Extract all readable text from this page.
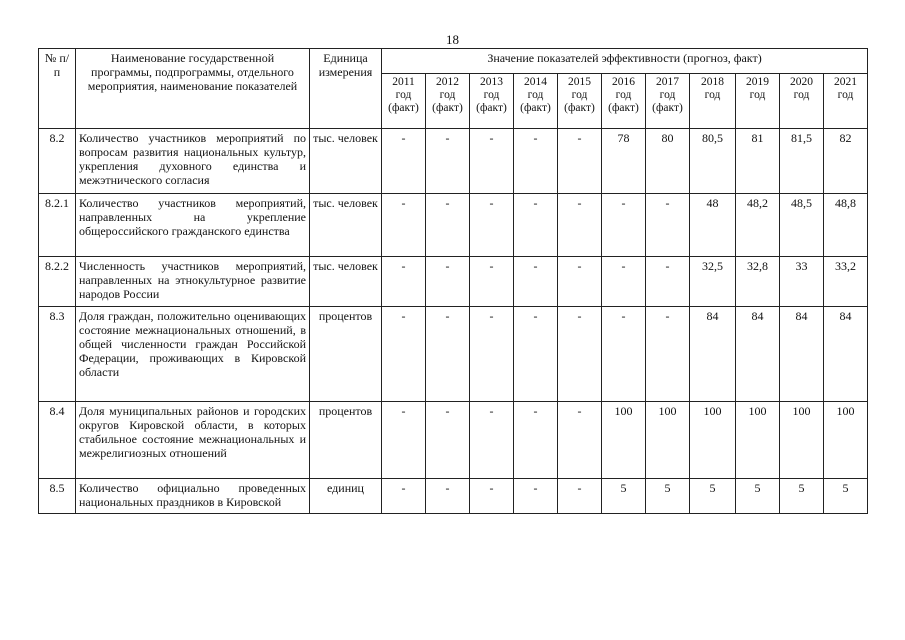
18
№ п/п	Наименование государственной программы, подпрограммы, отдельного мероприятия, наименование показателей	Единица измерения	Значение показателей эффективности (прогноз, факт)										

			2011
год
(факт)	2012
год
(факт)	2013
год
(факт)	2014
год
(факт)	2015
год
(факт)	2016
год
(факт)	2017
год
(факт)	2018
год	2019
год	2020
год	2021
год

8.2	Количество участников мероприятий по вопросам развития национальных культур, укрепления духовного единства и межэтнического согласия	тыс. человек	-	-	-	-	-	78	80	80,5	81	81,5	82
8.2.1	Количество участников мероприятий, направленных на укрепление общероссийского гражданского единства	тыс. человек	-	-	-	-	-	-	-	48	48,2	48,5	48,8
8.2.2	Численность участников мероприятий, направленных на этнокультурное развитие народов России	тыс. человек	-	-	-	-	-	-	-	32,5	32,8	33	33,2
8.3	Доля граждан, положительно оценивающих состояние межнациональных отношений, в общей численности граждан Российской Федерации, проживающих в Кировской области	процентов	-	-	-	-	-	-	-	84	84	84	84
8.4	Доля муниципальных районов и городских округов Кировской области, в которых стабильное состояние межнациональных и межрелигиозных отношений	процентов	-	-	-	-	-	100	100	100	100	100	100
8.5	Количество официально проведенных национальных праздников в Кировской	единиц	-	-	-	-	-	5	5	5	5	5	5
